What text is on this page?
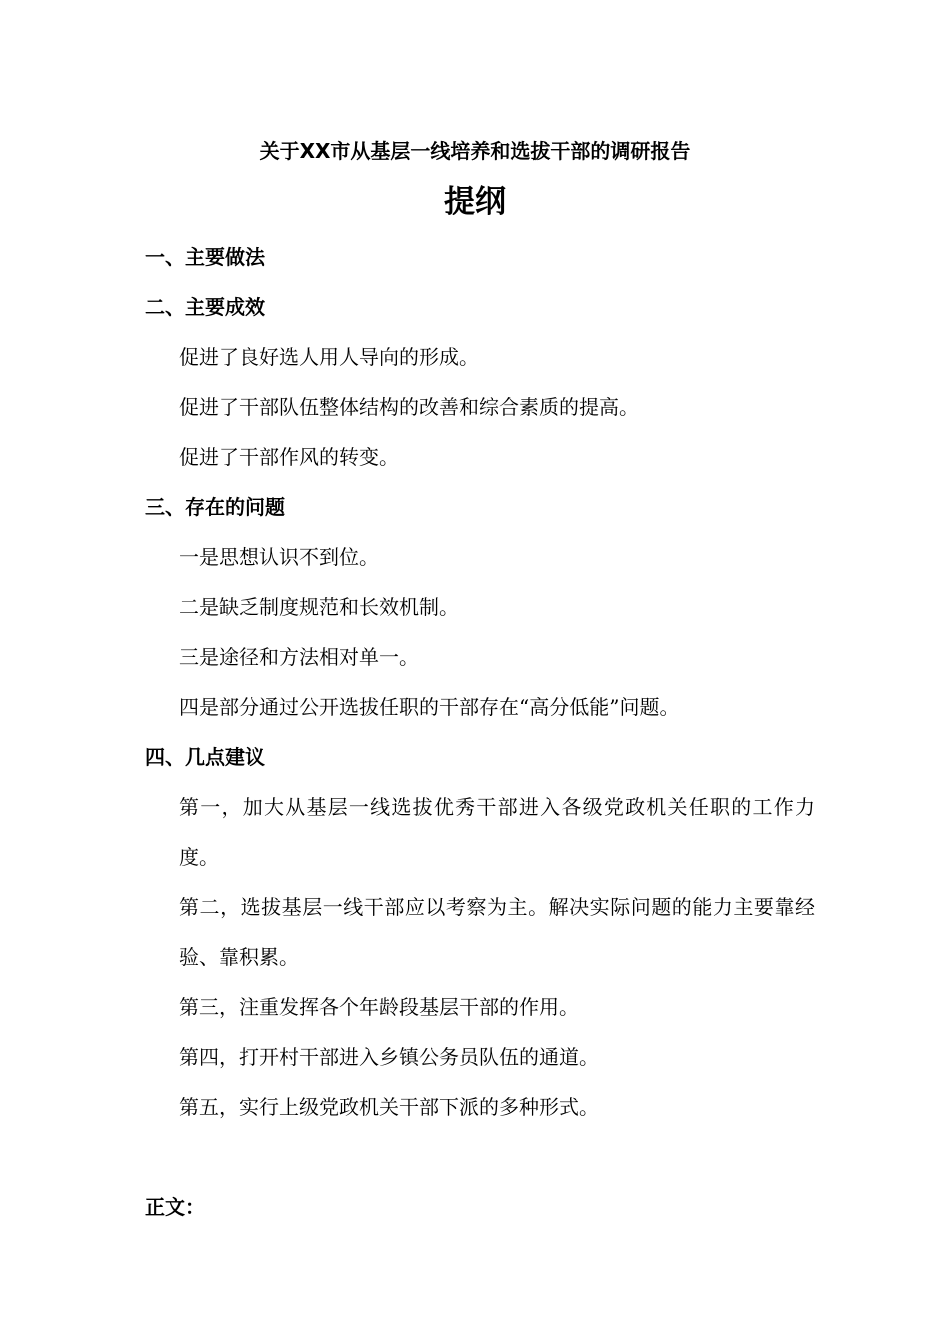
关于XX市从基层一线培养和选拔干部的调研报告
提纲
一、主要做法
二、主要成效
促进了良好选人用人导向的形成。
促进了干部队伍整体结构的改善和综合素质的提高。
促进了干部作风的转变。
三、存在的问题
一是思想认识不到位。
二是缺乏制度规范和长效机制。
三是途径和方法相对单一。
四是部分通过公开选拔任职的干部存在“高分低能”问题。
四、几点建议
第一，加大从基层一线选拔优秀干部进入各级党政机关任职的工作力度。
第二，选拔基层一线干部应以考察为主。解决实际问题的能力主要靠经验、靠积累。
第三，注重发挥各个年龄段基层干部的作用。
第四，打开村干部进入乡镇公务员队伍的通道。
第五，实行上级党政机关干部下派的多种形式。
正文：
